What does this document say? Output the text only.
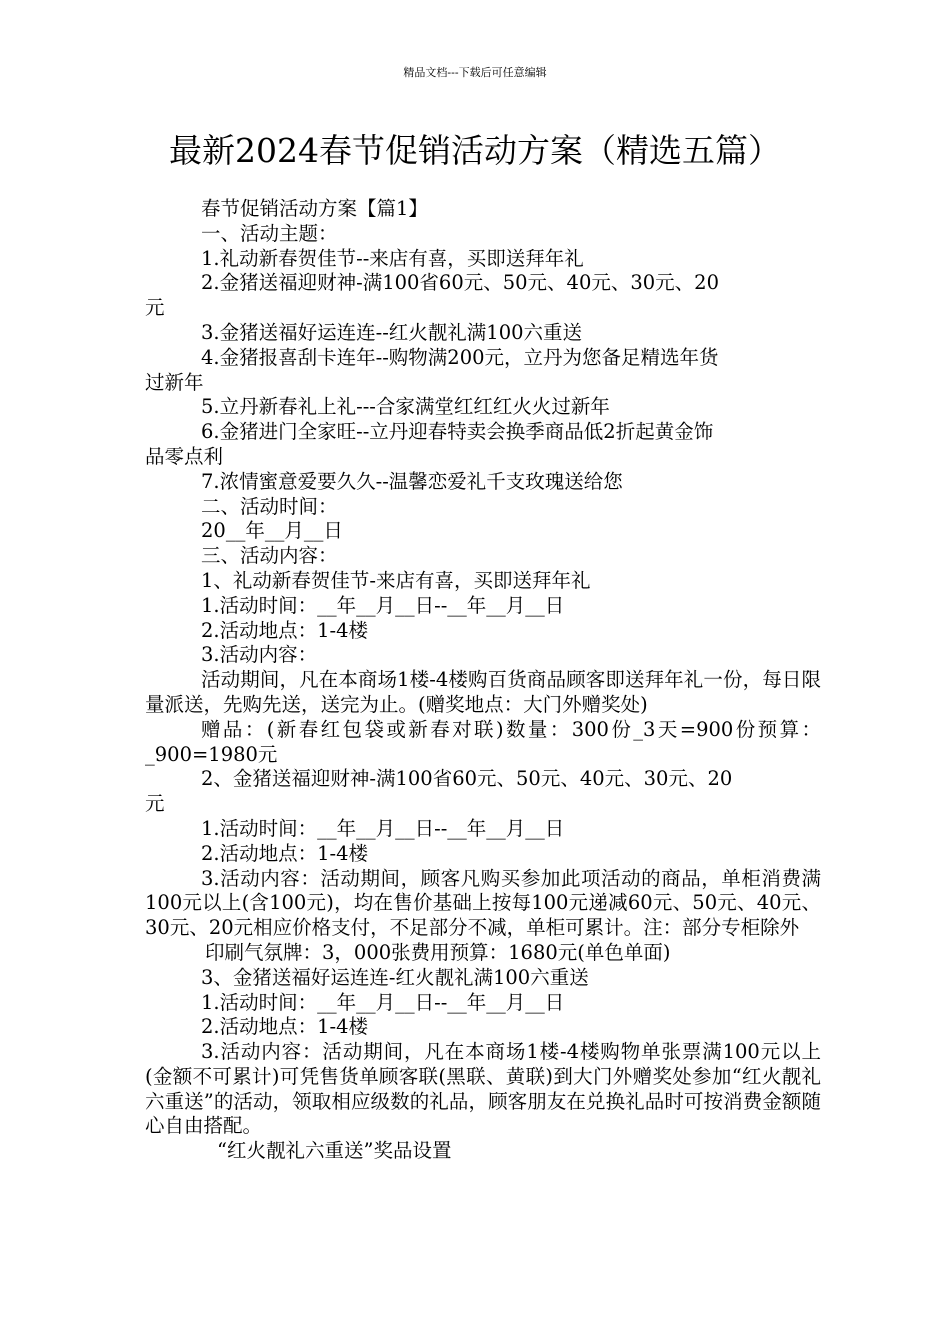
精品文档---下载后可任意编辑
最新2024春节促销活动方案（精选五篇）
春节促销活动方案【篇1】
一、活动主题：
1.礼动新春贺佳节--来店有喜，买即送拜年礼
2.金猪送福迎财神-满100省60元、50元、40元、30元、20
元
3.金猪送福好运连连--红火靓礼满100六重送
4.金猪报喜刮卡连年--购物满200元，立丹为您备足精选年货
过新年
5.立丹新春礼上礼---合家满堂红红红火火过新年
6.金猪进门全家旺--立丹迎春特卖会换季商品低2折起黄金饰
品零点利
7.浓情蜜意爱要久久--温馨恋爱礼千支玫瑰送给您
二、活动时间：
20__年__月__日
三、活动内容：
1、礼动新春贺佳节-来店有喜，买即送拜年礼
1.活动时间：__年__月__日--__年__月__日
2.活动地点：1-4楼
3.活动内容：
活动期间，凡在本商场1楼-4楼购百货商品顾客即送拜年礼一份，每日限量派送，先购先送，送完为止。(赠奖地点：大门外赠奖处)
赠品：(新春红包袋或新春对联)数量：300份_3天=900份预算：_900=1980元
2、金猪送福迎财神-满100省60元、50元、40元、30元、20
元
1.活动时间：__年__月__日--__年__月__日
2.活动地点：1-4楼
3.活动内容：活动期间，顾客凡购买参加此项活动的商品，单柜消费满100元以上(含100元)，均在售价基础上按每100元递减60元、50元、40元、30元、20元相应价格支付，不足部分不减，单柜可累计。注：部分专柜除外
印刷气氛牌：3，000张费用预算：1680元(单色单面)
3、金猪送福好运连连-红火靓礼满100六重送
1.活动时间：__年__月__日--__年__月__日
2.活动地点：1-4楼
3.活动内容：活动期间，凡在本商场1楼-4楼购物单张票满100元以上(金额不可累计)可凭售货单顾客联(黑联、黄联)到大门外赠奖处参加“红火靓礼六重送”的活动，领取相应级数的礼品，顾客朋友在兑换礼品时可按消费金额随心自由搭配。
“红火靓礼六重送”奖品设置
